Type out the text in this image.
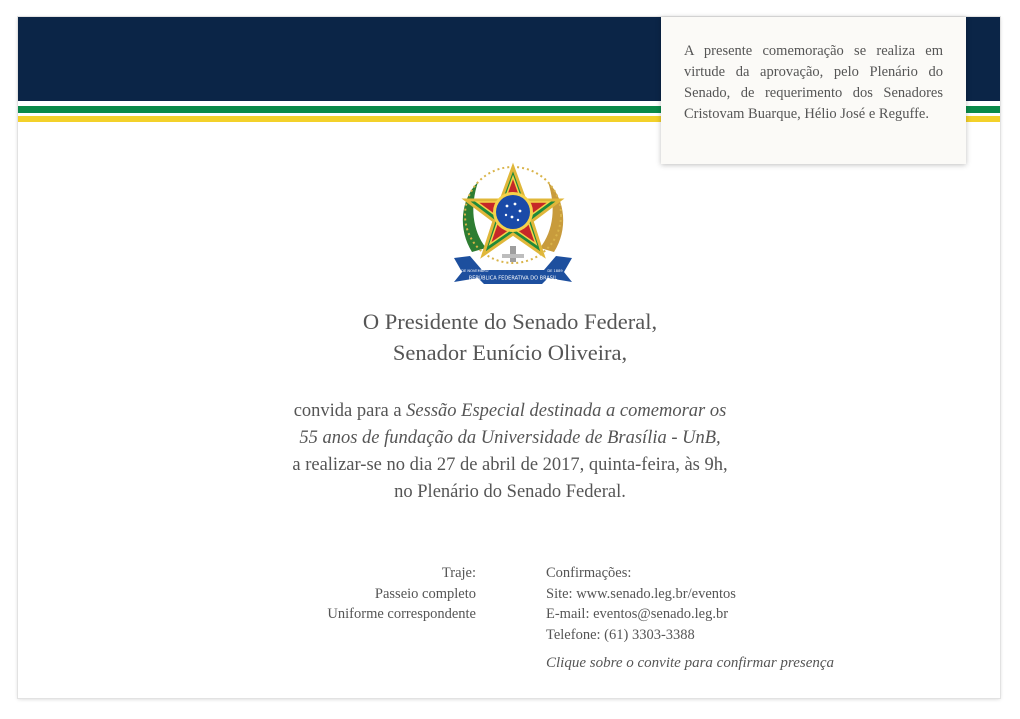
A presente comemoração se realiza em virtude da aprovação, pelo Plenário do Senado, de requerimento dos Senadores Cristovam Buarque, Hélio José e Reguffe.
REPÚBLICA FEDERATIVA DO BRASIL
15 DE NOVEMBRO	DE 1889
O Presidente do Senado Federal,
Senador Eunício Oliveira,
convida para a Sessão Especial destinada a comemorar os
55 anos de fundação da Universidade de Brasília - UnB,
a realizar-se no dia 27 de abril de 2017, quinta-feira, às 9h,
no Plenário do Senado Federal.
Traje:
Passeio completo
Uniforme correspondente
Confirmações:
Site: www.senado.leg.br/eventos
E-mail: eventos@senado.leg.br
Telefone: (61) 3303-3388
Clique sobre o convite para confirmar presença
